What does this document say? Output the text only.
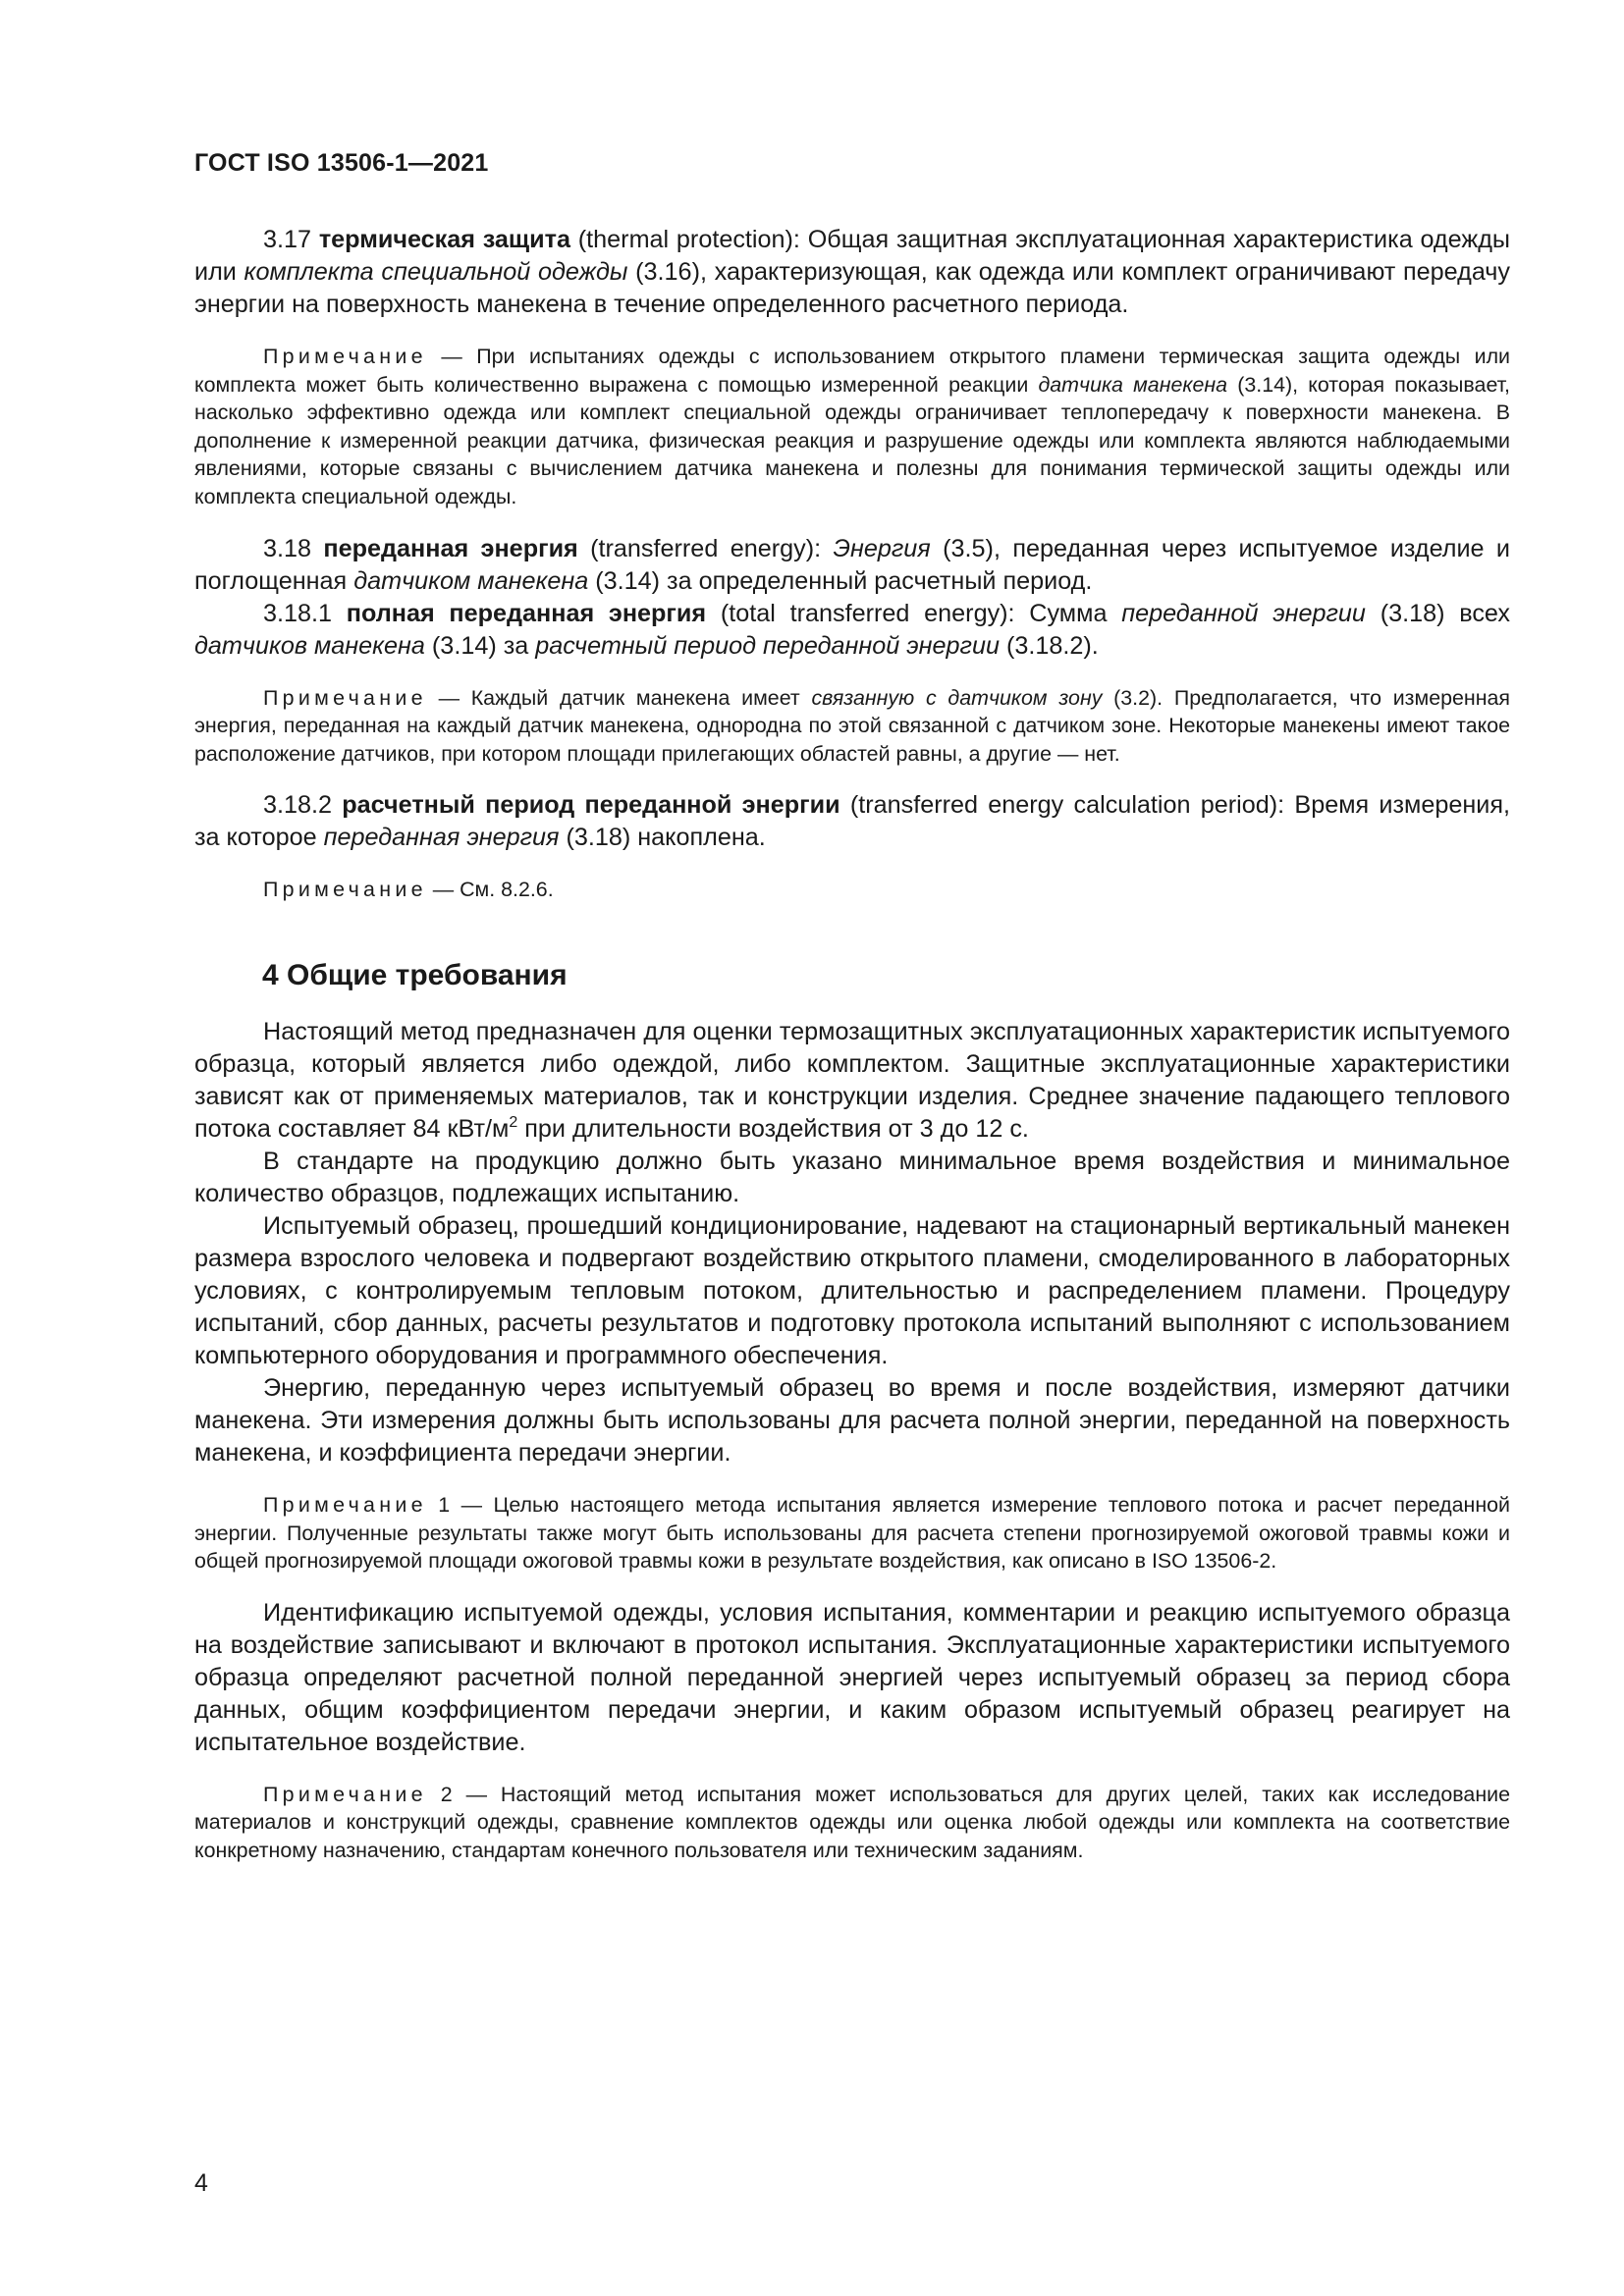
ГОСТ ISO 13506-1—2021

3.17 термическая защита (thermal protection): Общая защитная эксплуатационная характеристика одежды или комплекта специальной одежды (3.16), характеризующая, как одежда или комплект ограничивают передачу энергии на поверхность манекена в течение определенного расчетного периода.

Примечание — При испытаниях одежды с использованием открытого пламени термическая защита одежды или комплекта может быть количественно выражена с помощью измеренной реакции датчика манекена (3.14), которая показывает, насколько эффективно одежда или комплект специальной одежды ограничивает теплопередачу к поверхности манекена. В дополнение к измеренной реакции датчика, физическая реакция и разрушение одежды или комплекта являются наблюдаемыми явлениями, которые связаны с вычислением датчика манекена и полезны для понимания термической защиты одежды или комплекта специальной одежды.

3.18 переданная энергия (transferred energy): Энергия (3.5), переданная через испытуемое изделие и поглощенная датчиком манекена (3.14) за определенный расчетный период.

3.18.1 полная переданная энергия (total transferred energy): Сумма переданной энергии (3.18) всех датчиков манекена (3.14) за расчетный период переданной энергии (3.18.2).

Примечание — Каждый датчик манекена имеет связанную с датчиком зону (3.2). Предполагается, что измеренная энергия, переданная на каждый датчик манекена, однородна по этой связанной с датчиком зоне. Некоторые манекены имеют такое расположение датчиков, при котором площади прилегающих областей равны, а другие — нет.

3.18.2 расчетный период переданной энергии (transferred energy calculation period): Время измерения, за которое переданная энергия (3.18) накоплена.

Примечание — См. 8.2.6.

4 Общие требования

Настоящий метод предназначен для оценки термозащитных эксплуатационных характеристик испытуемого образца, который является либо одеждой, либо комплектом. Защитные эксплуатационные характеристики зависят как от применяемых материалов, так и конструкции изделия. Среднее значение падающего теплового потока составляет 84 кВт/$м^2$ при длительности воздействия от 3 до 12 с.

В стандарте на продукцию должно быть указано минимальное время воздействия и минимальное количество образцов, подлежащих испытанию.

Испытуемый образец, прошедший кондиционирование, надевают на стационарный вертикальный манекен размера взрослого человека и подвергают воздействию открытого пламени, смоделированного в лабораторных условиях, с контролируемым тепловым потоком, длительностью и распределением пламени. Процедуру испытаний, сбор данных, расчеты результатов и подготовку протокола испытаний выполняют с использованием компьютерного оборудования и программного обеспечения.

Энергию, переданную через испытуемый образец во время и после воздействия, измеряют датчики манекена. Эти измерения должны быть использованы для расчета полной энергии, переданной на поверхность манекена, и коэффициента передачи энергии.

Примечание 1 — Целью настоящего метода испытания является измерение теплового потока и расчет переданной энергии. Полученные результаты также могут быть использованы для расчета степени прогнозируемой ожоговой травмы кожи и общей прогнозируемой площади ожоговой травмы кожи в результате воздействия, как описано в ISO 13506-2.

Идентификацию испытуемой одежды, условия испытания, комментарии и реакцию испытуемого образца на воздействие записывают и включают в протокол испытания. Эксплуатационные характеристики испытуемого образца определяют расчетной полной переданной энергией через испытуемый образец за период сбора данных, общим коэффициентом передачи энергии, и каким образом испытуемый образец реагирует на испытательное воздействие.

Примечание 2 — Настоящий метод испытания может использоваться для других целей, таких как исследование материалов и конструкций одежды, сравнение комплектов одежды или оценка любой одежды или комплекта на соответствие конкретному назначению, стандартам конечного пользователя или техническим заданиям.

4
